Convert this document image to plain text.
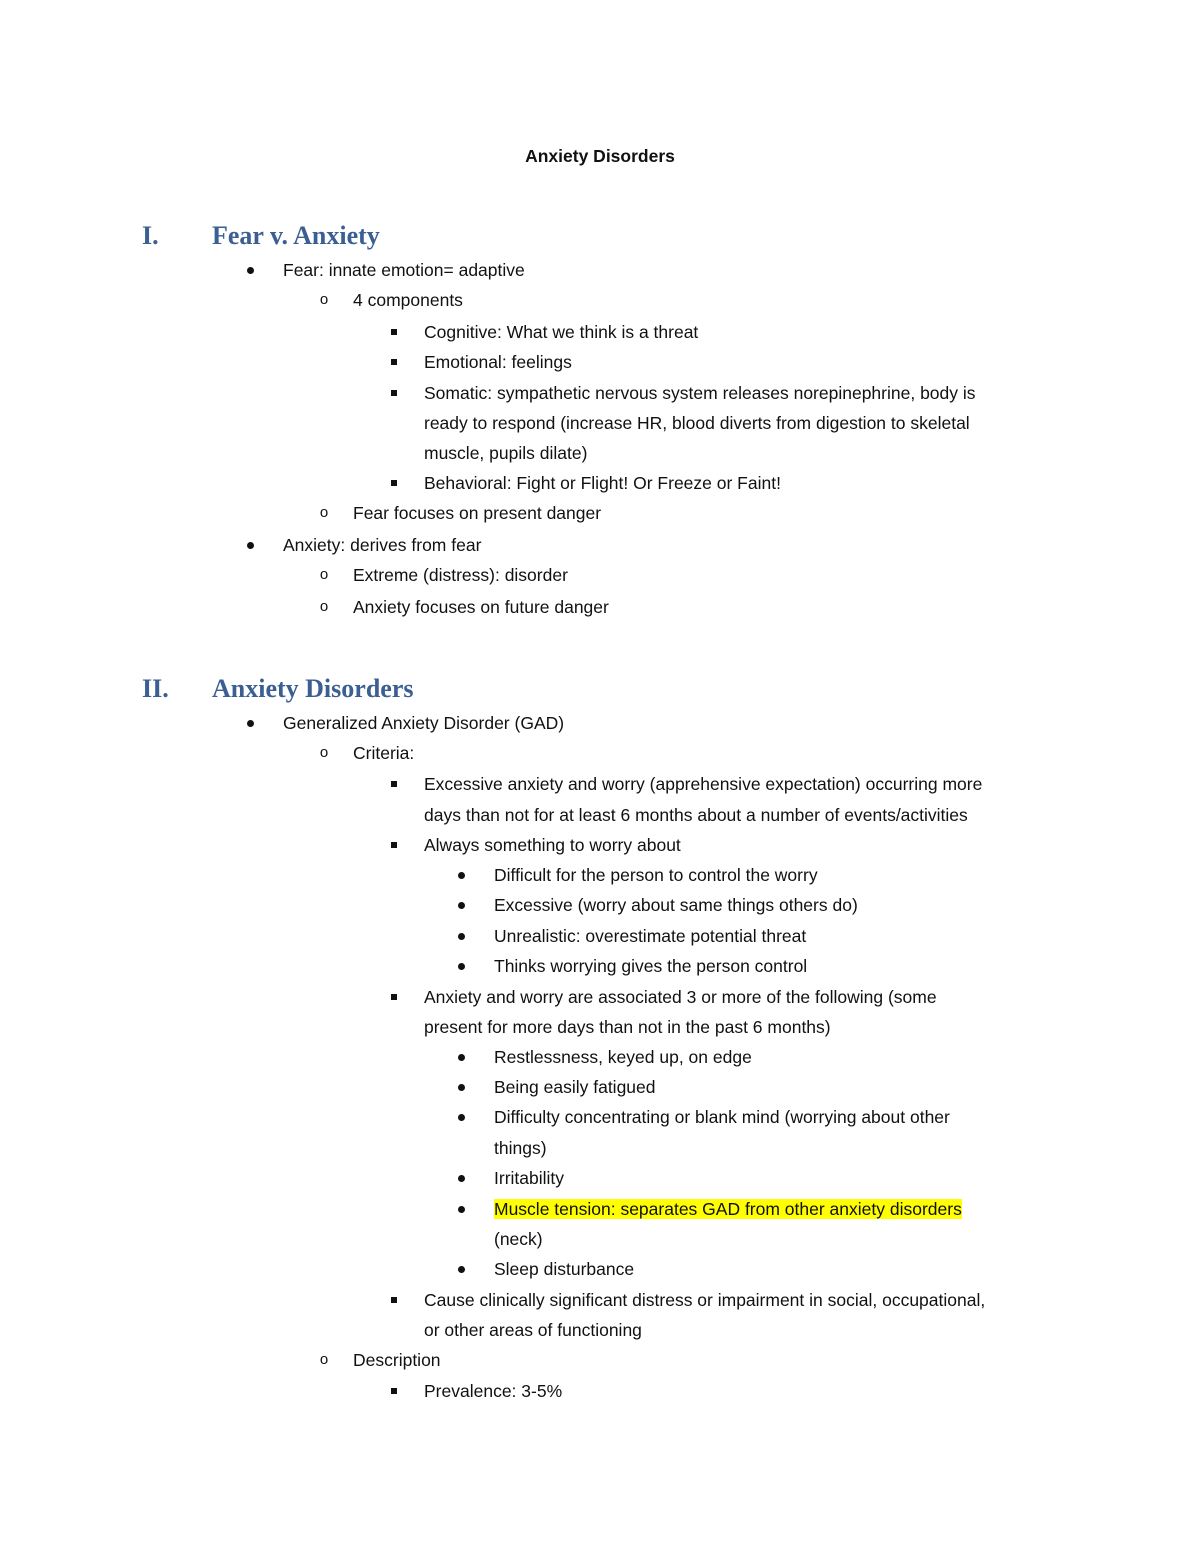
Anxiety Disorders
I. Fear v. Anxiety
Fear: innate emotion= adaptive
o	4 components
Cognitive: What we think is a threat
Emotional: feelings
Somatic: sympathetic nervous system releases norepinephrine, body is
ready to respond (increase HR, blood diverts from digestion to skeletal
muscle, pupils dilate)
Behavioral: Fight or Flight! Or Freeze or Faint!
o	Fear focuses on present danger
Anxiety: derives from fear
o	Extreme (distress): disorder
o	Anxiety focuses on future danger
II. Anxiety Disorders
Generalized Anxiety Disorder (GAD)
o	Criteria:
Excessive anxiety and worry (apprehensive expectation) occurring more
days than not for at least 6 months about a number of events/activities
Always something to worry about
Difficult for the person to control the worry
Excessive (worry about same things others do)
Unrealistic: overestimate potential threat
Thinks worrying gives the person control
Anxiety and worry are associated 3 or more of the following (some
present for more days than not in the past 6 months)
Restlessness, keyed up, on edge
Being easily fatigued
Difficulty concentrating or blank mind (worrying about other
things)
Irritability
Muscle tension: separates GAD from other anxiety disorders
(neck)
Sleep disturbance
Cause clinically significant distress or impairment in social, occupational,
or other areas of functioning
o	Description
Prevalence: 3-5%
